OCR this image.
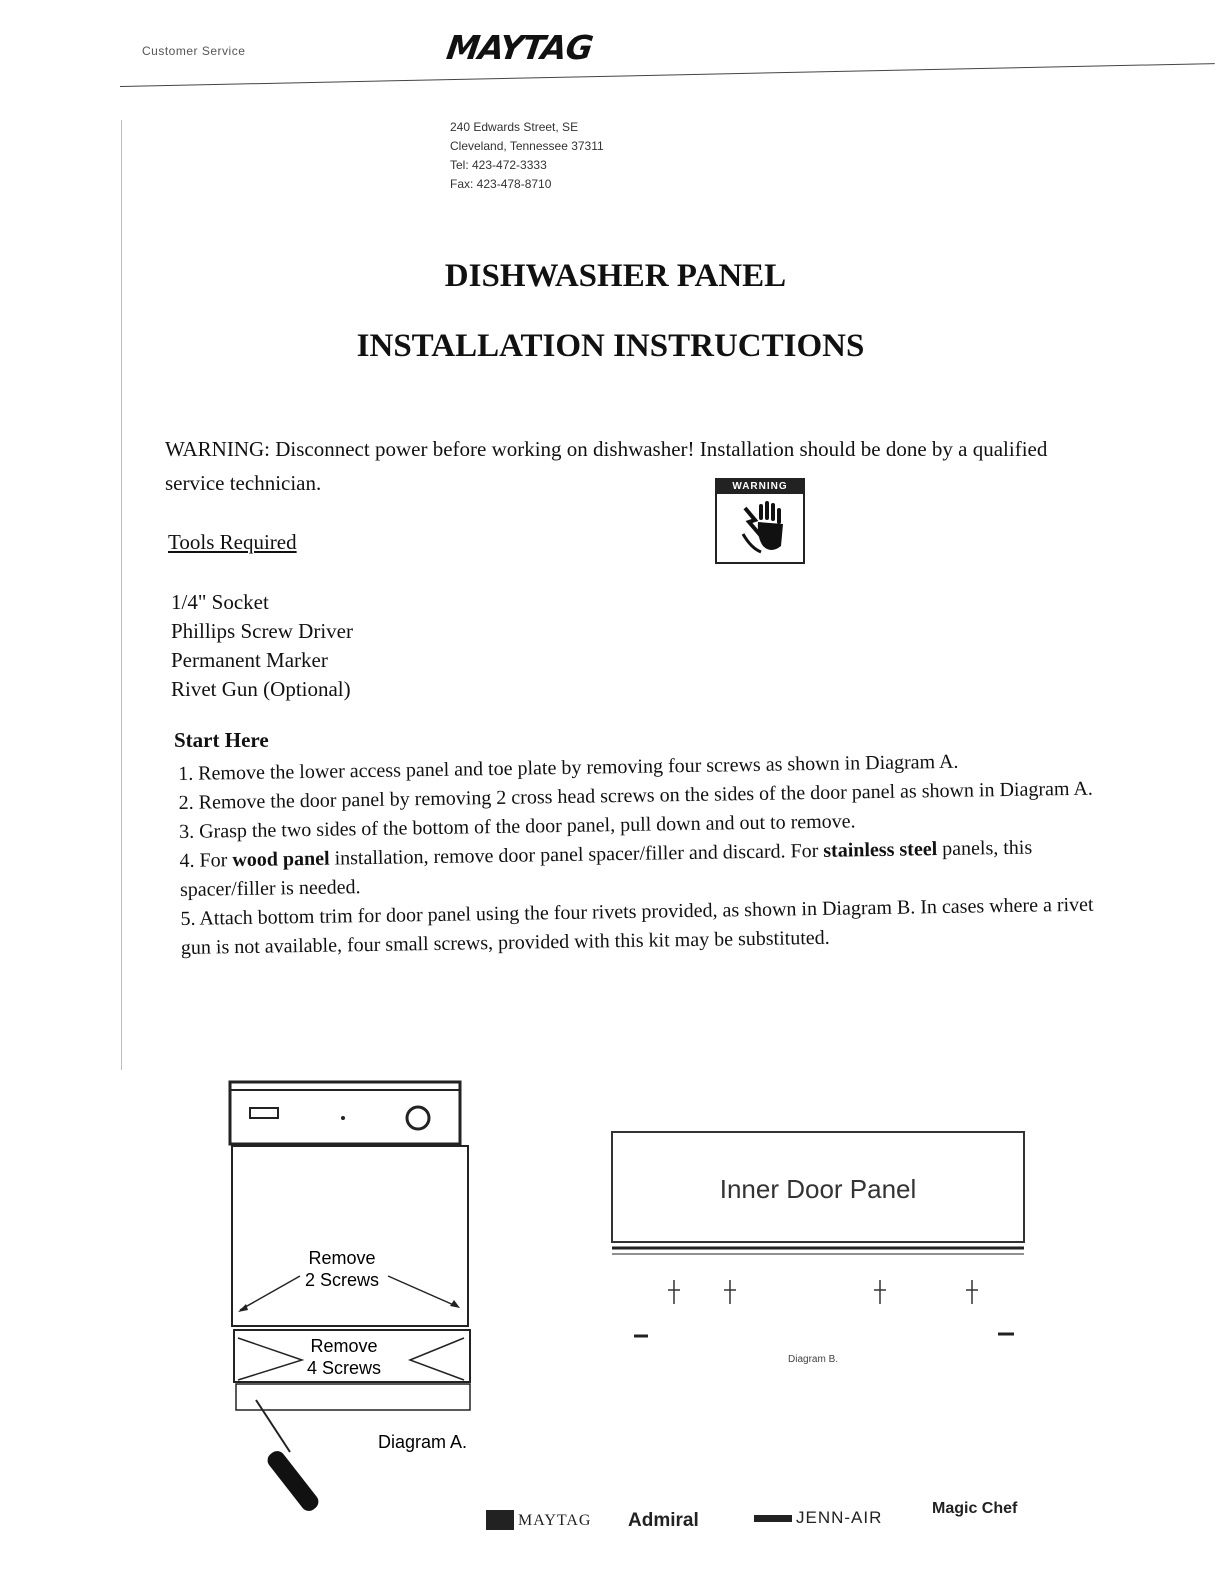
Customer Service	MAYTAG
240 Edwards Street, SE
Cleveland, Tennessee 37311
Tel: 423-472-3333
Fax: 423-478-8710
DISHWASHER PANEL
INSTALLATION INSTRUCTIONS
WARNING: Disconnect power before working on dishwasher! Installation should be done by a qualified service technician.	WARNING
Tools Required
1/4" Socket
Phillips Screw Driver
Permanent Marker
Rivet Gun (Optional)
Start Here
1. Remove the lower access panel and toe plate by removing four screws as shown in Diagram A.
2. Remove the door panel by removing 2 cross head screws on the sides of the door panel as shown in Diagram A.
3. Grasp the two sides of the bottom of the door panel, pull down and out to remove.
4. For wood panel installation, remove door panel spacer/filler and discard. For stainless steel panels, this spacer/filler is needed.
5. Attach bottom trim for door panel using the four rivets provided, as shown in Diagram B. In cases where a rivet gun is not available, four small screws, provided with this kit may be substituted.
Remove
2 Screws
Remove
4 Screws
Diagram A.
Inner Door Panel
Diagram B.
MAYTAG Admiral	JENN-AIR	Magic Chef
